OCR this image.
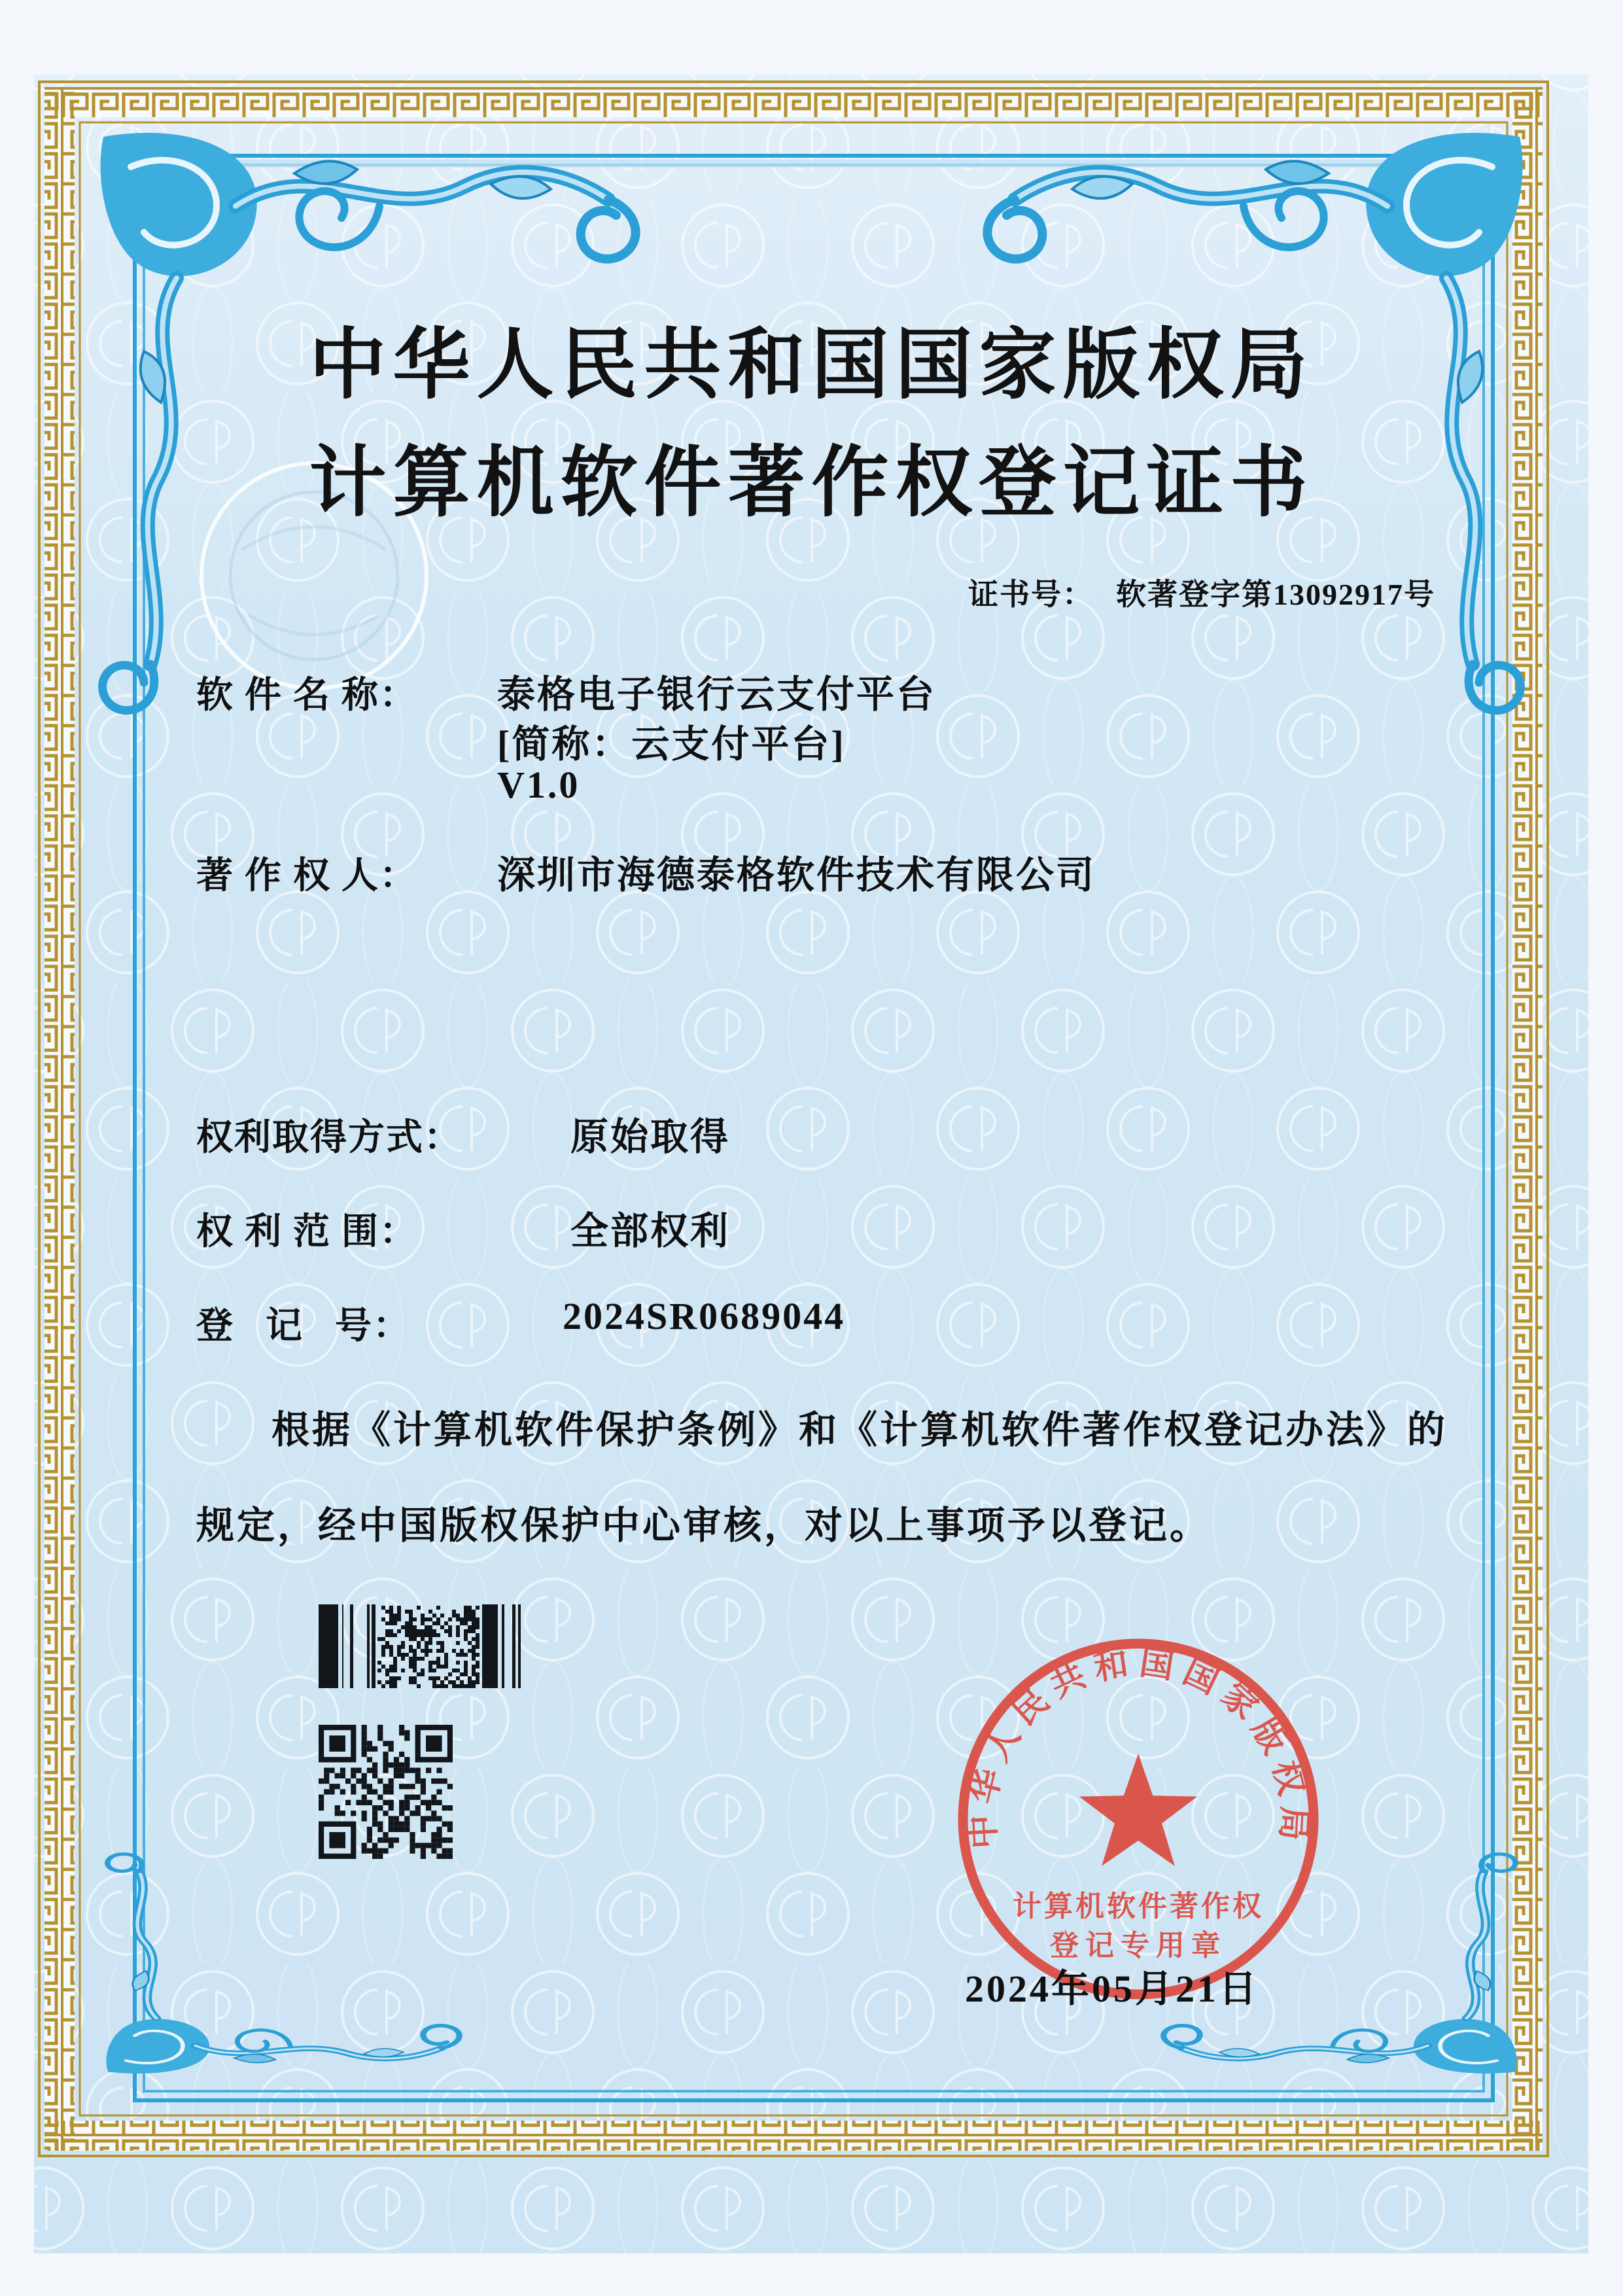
中华人民共和国国家版权局
计算机软件著作权登记证书
证书号： 软著登字第13092917号
软 件 名 称： 泰格电子银行云支付平台
[简称：云支付平台]
V1.0
著 作 权 人： 深圳市海德泰格软件技术有限公司
权利取得方式：	原始取得
权 利 范 围：	全部权利
登   记   号：	2024SR0689044
根据《计算机软件保护条例》和《计算机软件著作权登记办法》的
规定，经中国版权保护中心审核，对以上事项予以登记。
中华人民共和国国家版权局
计算机软件著作权
登记专用章
2024年05月21日
